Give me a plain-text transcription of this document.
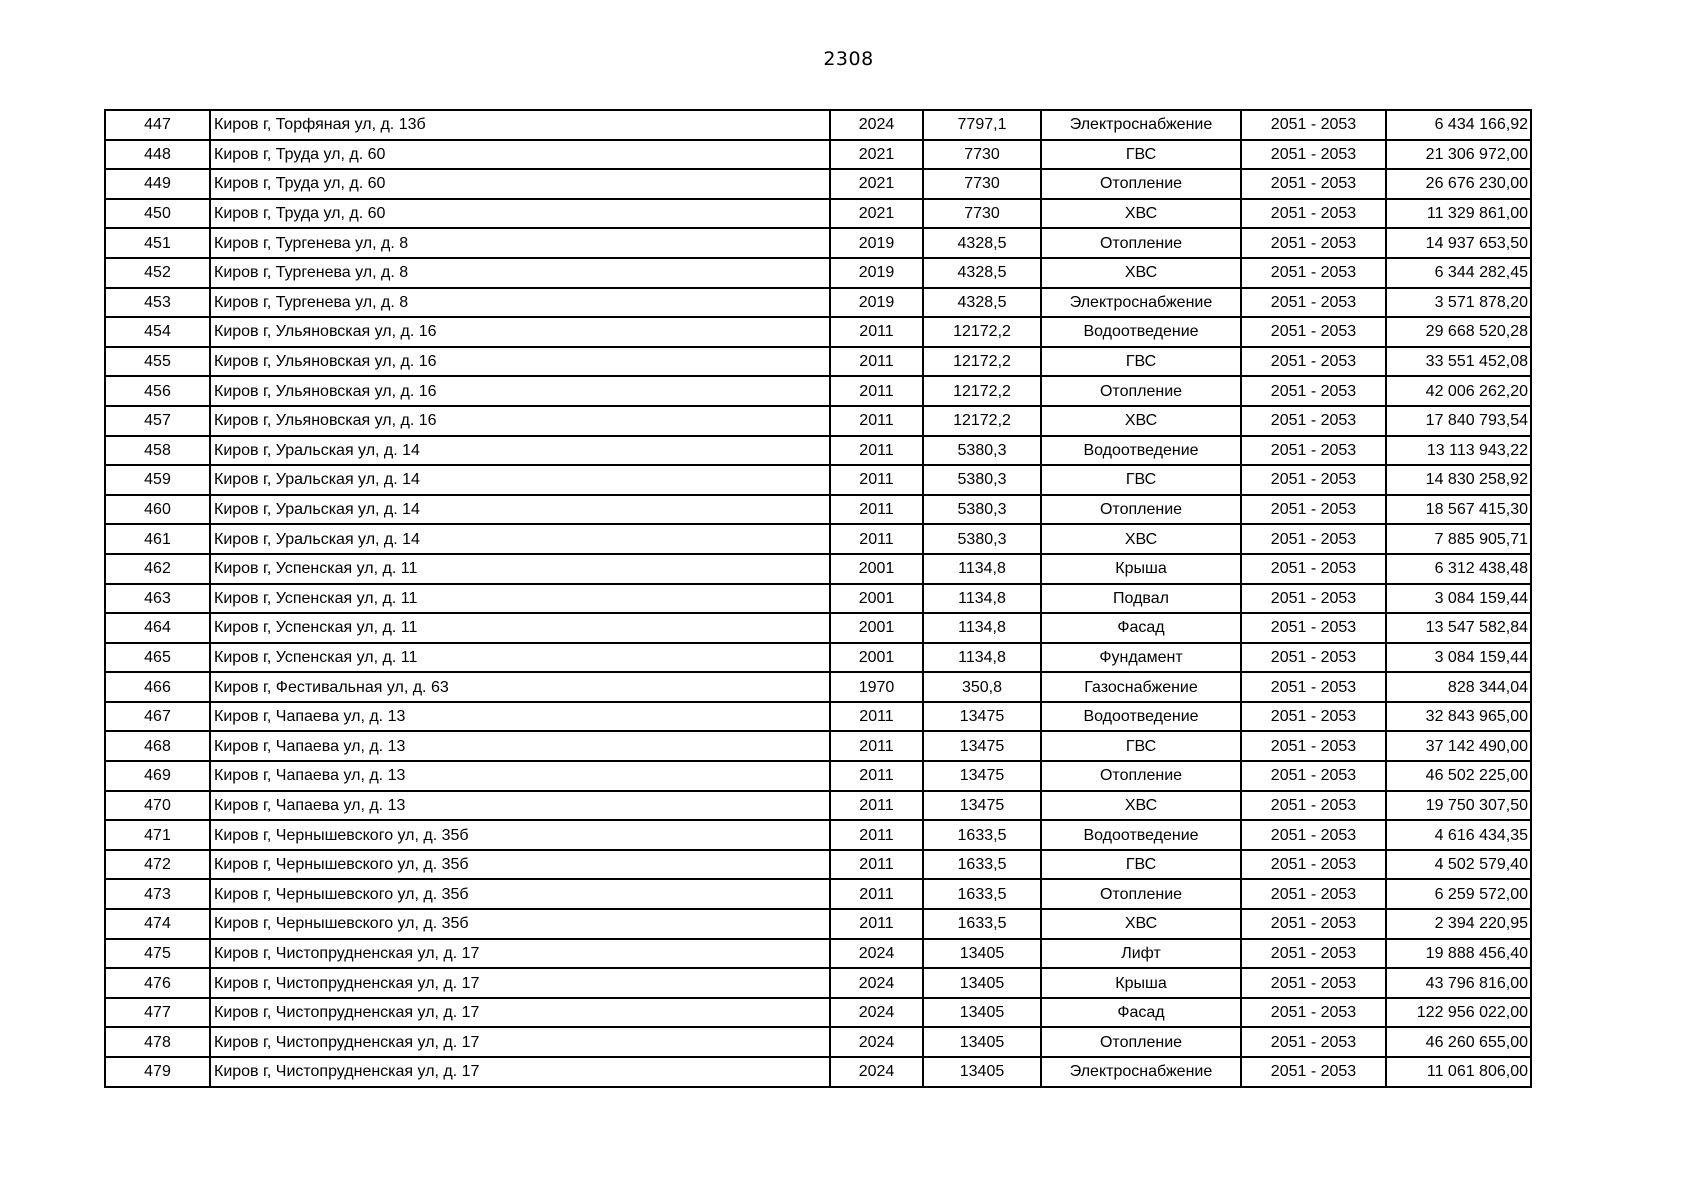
2308
447	Киров г, Торфяная ул, д. 13б	2024	7797,1	Электроснабжение	2051 - 2053	6 434 166,92
448	Киров г, Труда ул, д. 60	2021	7730	ГВС	2051 - 2053	21 306 972,00
449	Киров г, Труда ул, д. 60	2021	7730	Отопление	2051 - 2053	26 676 230,00
450	Киров г, Труда ул, д. 60	2021	7730	ХВС	2051 - 2053	11 329 861,00
451	Киров г, Тургенева ул, д. 8	2019	4328,5	Отопление	2051 - 2053	14 937 653,50
452	Киров г, Тургенева ул, д. 8	2019	4328,5	ХВС	2051 - 2053	6 344 282,45
453	Киров г, Тургенева ул, д. 8	2019	4328,5	Электроснабжение	2051 - 2053	3 571 878,20
454	Киров г, Ульяновская ул, д. 16	2011	12172,2	Водоотведение	2051 - 2053	29 668 520,28
455	Киров г, Ульяновская ул, д. 16	2011	12172,2	ГВС	2051 - 2053	33 551 452,08
456	Киров г, Ульяновская ул, д. 16	2011	12172,2	Отопление	2051 - 2053	42 006 262,20
457	Киров г, Ульяновская ул, д. 16	2011	12172,2	ХВС	2051 - 2053	17 840 793,54
458	Киров г, Уральская ул, д. 14	2011	5380,3	Водоотведение	2051 - 2053	13 113 943,22
459	Киров г, Уральская ул, д. 14	2011	5380,3	ГВС	2051 - 2053	14 830 258,92
460	Киров г, Уральская ул, д. 14	2011	5380,3	Отопление	2051 - 2053	18 567 415,30
461	Киров г, Уральская ул, д. 14	2011	5380,3	ХВС	2051 - 2053	7 885 905,71
462	Киров г, Успенская ул, д. 11	2001	1134,8	Крыша	2051 - 2053	6 312 438,48
463	Киров г, Успенская ул, д. 11	2001	1134,8	Подвал	2051 - 2053	3 084 159,44
464	Киров г, Успенская ул, д. 11	2001	1134,8	Фасад	2051 - 2053	13 547 582,84
465	Киров г, Успенская ул, д. 11	2001	1134,8	Фундамент	2051 - 2053	3 084 159,44
466	Киров г, Фестивальная ул, д. 63	1970	350,8	Газоснабжение	2051 - 2053	828 344,04
467	Киров г, Чапаева ул, д. 13	2011	13475	Водоотведение	2051 - 2053	32 843 965,00
468	Киров г, Чапаева ул, д. 13	2011	13475	ГВС	2051 - 2053	37 142 490,00
469	Киров г, Чапаева ул, д. 13	2011	13475	Отопление	2051 - 2053	46 502 225,00
470	Киров г, Чапаева ул, д. 13	2011	13475	ХВС	2051 - 2053	19 750 307,50
471	Киров г, Чернышевского ул, д. 35б	2011	1633,5	Водоотведение	2051 - 2053	4 616 434,35
472	Киров г, Чернышевского ул, д. 35б	2011	1633,5	ГВС	2051 - 2053	4 502 579,40
473	Киров г, Чернышевского ул, д. 35б	2011	1633,5	Отопление	2051 - 2053	6 259 572,00
474	Киров г, Чернышевского ул, д. 35б	2011	1633,5	ХВС	2051 - 2053	2 394 220,95
475	Киров г, Чистопрудненская ул, д. 17	2024	13405	Лифт	2051 - 2053	19 888 456,40
476	Киров г, Чистопрудненская ул, д. 17	2024	13405	Крыша	2051 - 2053	43 796 816,00
477	Киров г, Чистопрудненская ул, д. 17	2024	13405	Фасад	2051 - 2053	122 956 022,00
478	Киров г, Чистопрудненская ул, д. 17	2024	13405	Отопление	2051 - 2053	46 260 655,00
479	Киров г, Чистопрудненская ул, д. 17	2024	13405	Электроснабжение	2051 - 2053	11 061 806,00
